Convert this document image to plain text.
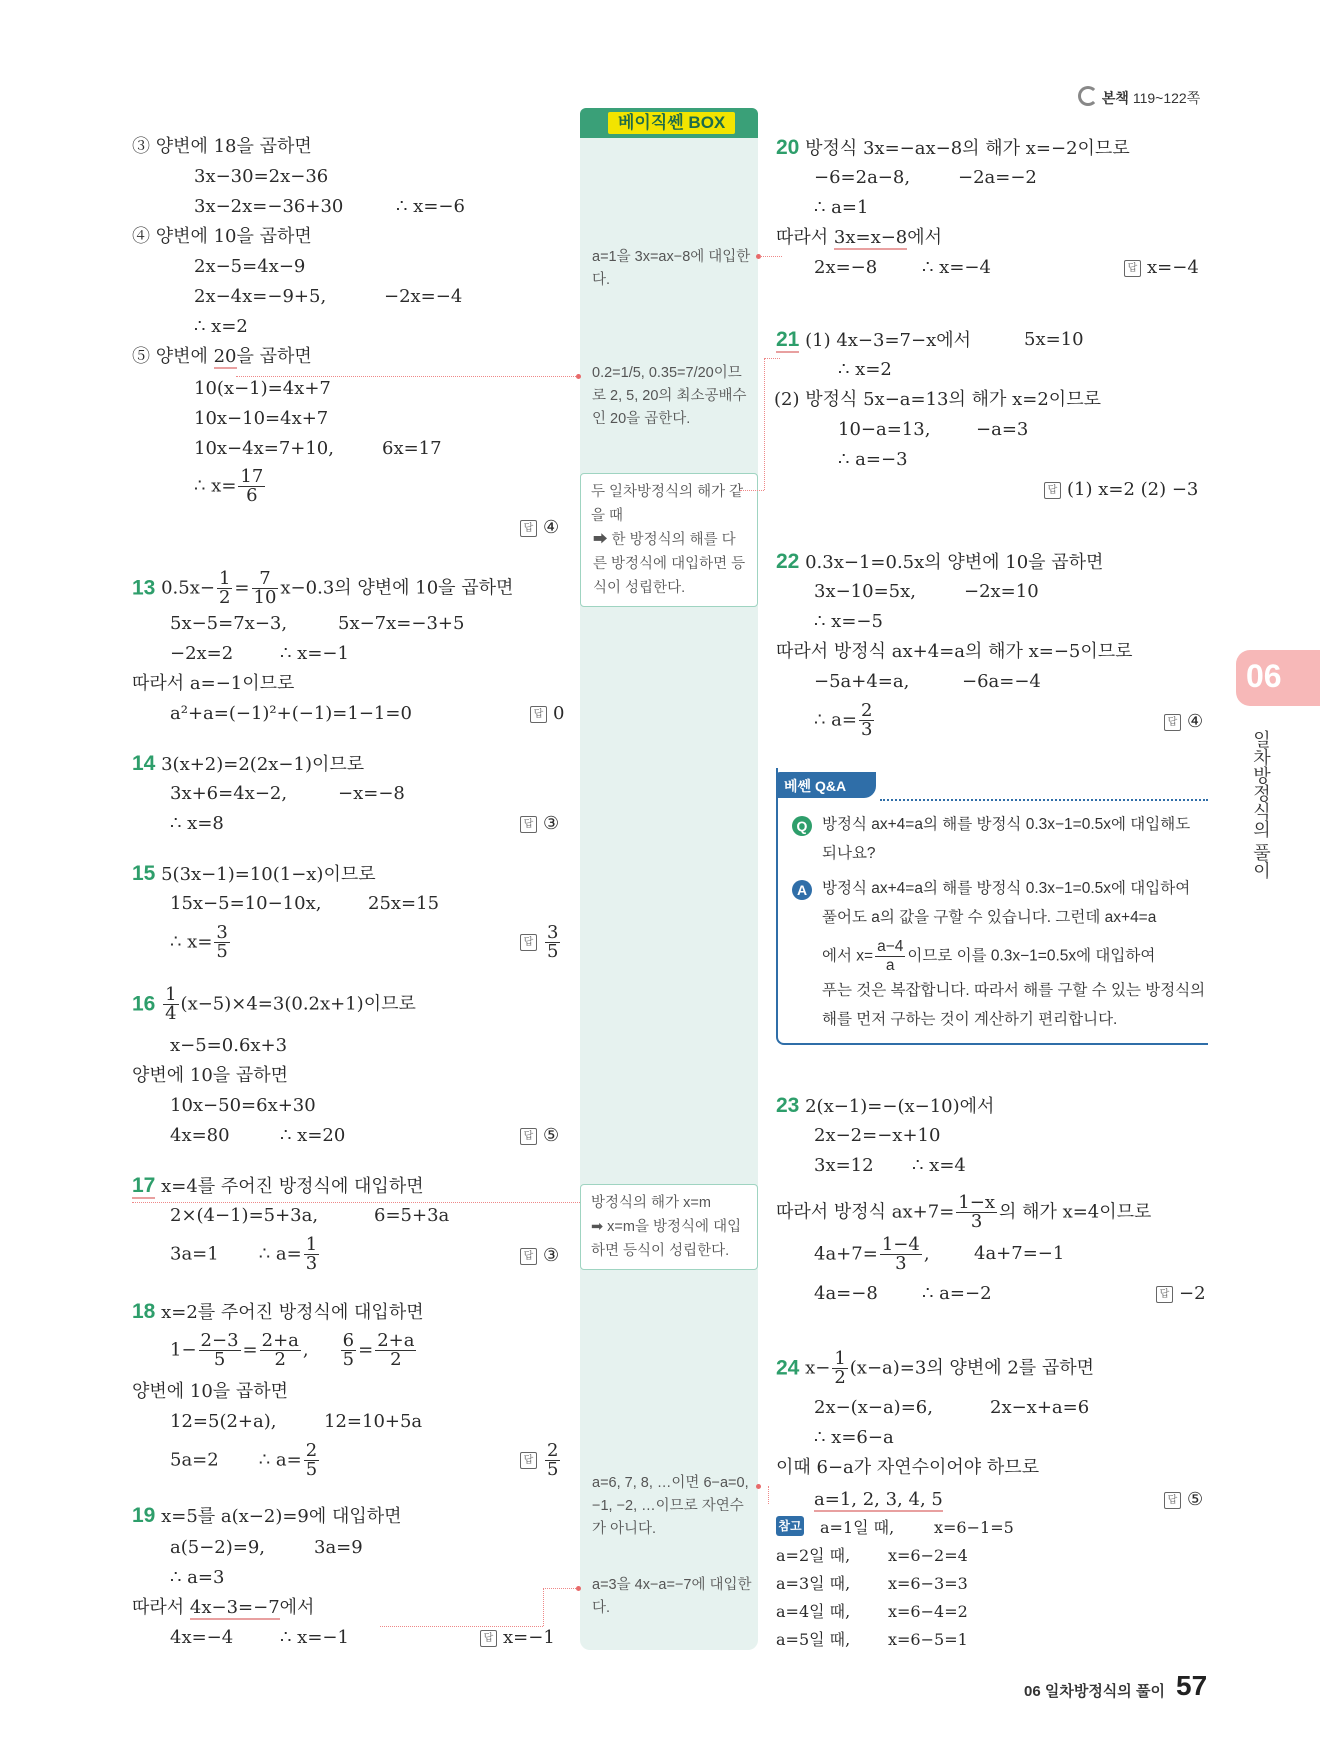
본책 119~122쪽
베이직쎈 BOX
a=1을 3x=ax−8에 대입한다.
0.2=1/5, 0.35=7/20이므로 2, 5, 20의 최소공배수인 20을 곱한다.
두 일차방정식의 해가 같을 때
➡ 한 방정식의 해를 다른 방정식에 대입하면 등식이 성립한다.
방정식의 해가 x=m
➡ x=m을 방정식에 대입하면 등식이 성립한다.
a=6, 7, 8, …이면 6−a=0, −1, −2, …이므로 자연수가 아니다.
a=3을 4x−a=−7에 대입한다.
③ 양변에 18을 곱하면
3x−30=2x−36
3x−2x=−36+30	∴ x=−6
④ 양변에 10을 곱하면
2x−5=4x−9
2x−4x=−9+5,	−2x=−4
∴ x=2
⑤ 양변에 20을 곱하면
10(x−1)=4x+7
10x−10=4x+7
10x−4x=7+10,	6x=17
∴ $x= \frac{17}{6}$
답 ④
13 $0.5x- \frac{1}{2} = \frac{7}{10} x-0.3$의 양변에 10을 곱하면
5x−5=7x−3,	5x−7x=−3+5
−2x=2	∴ x=−1
따라서 a=−1이므로
a²+a=(−1)²+(−1)=1−1=0	답 0
14 3(x+2)=2(2x−1)이므로
3x+6=4x−2,	−x=−8
∴ x=8	답 ③
15 5(3x−1)=10(1−x)이므로
15x−5=10−10x,	25x=15
∴ $x= \frac{3}{5}$	답 $\frac{3}{5}$
$16 \frac{1}{4} (x-5)\times 4=3(0.2x+1)$이므로
x−5=0.6x+3
양변에 10을 곱하면
10x−50=6x+30
4x=80	∴ x=20	답 ⑤
17 x=4를 주어진 방정식에 대입하면
2×(4−1)=5+3a,	6=5+3a
3a=1 ∴ $a= \frac{1}{3}$	답 ③
18 x=2를 주어진 방정식에 대입하면
$1- \frac{2-3}{5} = \frac{2+a}{2}$ , $\frac{6}{5} = \frac{2+a}{2}$
양변에 10을 곱하면
12=5(2+a),	12=10+5a
5a=2 ∴ $a= \frac{2}{5}$	답 $\frac{2}{5}$
19 x=5를 a(x−2)=9에 대입하면
a(5−2)=9,	3a=9
∴ a=3
따라서 4x−3=−7에서
4x=−4	∴ x=−1	답 x=−1
20 방정식 3x=−ax−8의 해가 x=−2이므로
−6=2a−8,	−2a=−2
∴ a=1
따라서 3x=x−8에서
2x=−8 ∴ x=−4	답 x=−4
21 (1) 4x−3=7−x에서	5x=10
∴ x=2
(2) 방정식 5x−a=13의 해가 x=2이므로
10−a=13,	−a=3
∴ a=−3
답 (1) x=2 (2) −3
22 0.3x−1=0.5x의 양변에 10을 곱하면
3x−10=5x,	−2x=10
∴ x=−5
따라서 방정식 ax+4=a의 해가 x=−5이므로
−5a+4=a,	−6a=−4
∴ $a= \frac{2}{3}$	답 ④
베쎈 Q&A
Q 방정식 ax+4=a의 해를 방정식 0.3x−1=0.5x에 대입해도 되나요?
A 방정식 ax+4=a의 해를 방정식 0.3x−1=0.5x에 대입하여 풀어도 a의 값을 구할 수 있습니다. 그런데 ax+4=a
에서 $x= \frac{a-4}{a}$ 이므로 이를 0.3x−1=0.5x에 대입하여
푸는 것은 복잡합니다. 따라서 해를 구할 수 있는 방정식의 해를 먼저 구하는 것이 계산하기 편리합니다.
23 2(x−1)=−(x−10)에서
2x−2=−x+10
3x=12 ∴ x=4
따라서 방정식 $ax+7= \frac{1-x}{3}$ 의 해가 x=4이므로
$4a+7= \frac{1-4}{3}$ , 4a+7=−1
4a=−8 ∴ a=−2	답 −2
24 $x- \frac{1}{2} (x-a)=3$의 양변에 2를 곱하면
2x−(x−a)=6,	2x−x+a=6
∴ x=6−a
이때 6−a가 자연수이어야 하므로
a=1, 2, 3, 4, 5	답 ⑤
참고 a=1일 때, x=6−1=5
a=2일 때, x=6−2=4
a=3일 때, x=6−3=3
a=4일 때, x=6−4=2
a=5일 때, x=6−5=1
06
일차방정식의 풀이
06 일차방정식의 풀이 57
